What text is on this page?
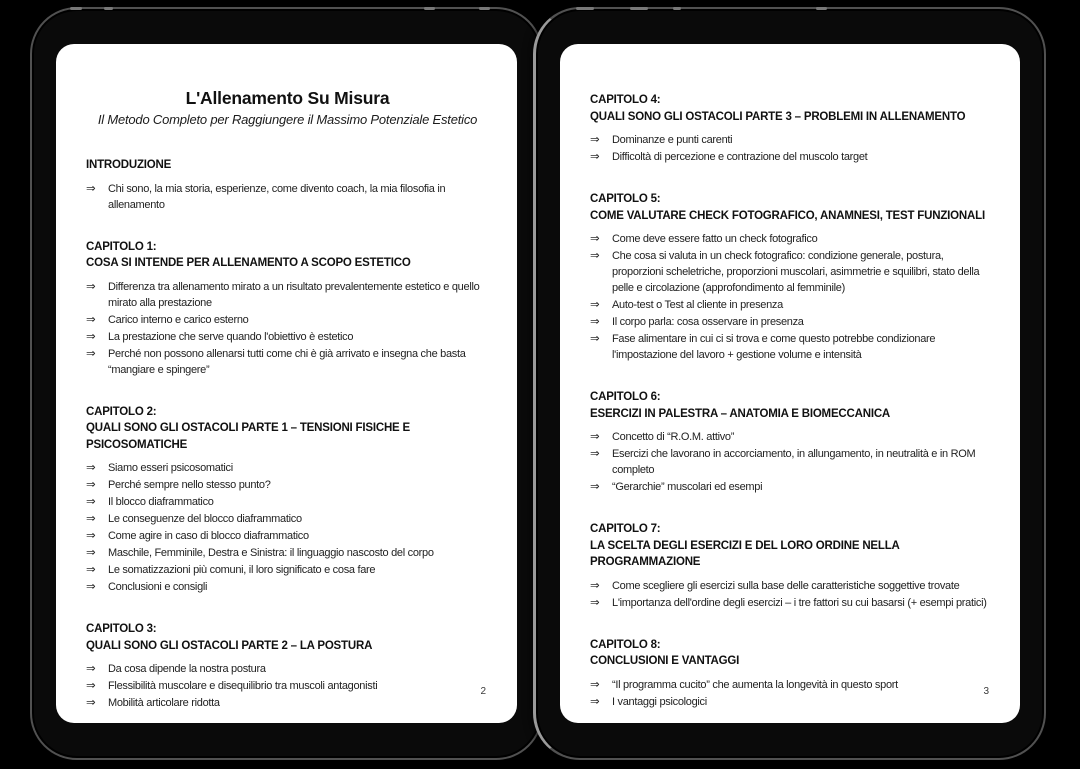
L'Allenamento Su Misura
Il Metodo Completo per Raggiungere il Massimo Potenziale Estetico
INTRODUZIONE
⇒	Chi sono, la mia storia, esperienze, come divento coach, la mia filosofia in allenamento
CAPITOLO 1:
COSA SI INTENDE PER ALLENAMENTO A SCOPO ESTETICO
⇒	Differenza tra allenamento mirato a un risultato prevalentemente estetico e quello mirato alla prestazione
⇒	Carico interno e carico esterno
⇒	La prestazione che serve quando l'obiettivo è estetico
⇒	Perché non possono allenarsi tutti come chi è già arrivato e insegna che basta “mangiare e spingere”
CAPITOLO 2:
QUALI SONO GLI OSTACOLI PARTE 1 – TENSIONI FISICHE E PSICOSOMATICHE
⇒	Siamo esseri psicosomatici
⇒	Perché sempre nello stesso punto?
⇒	Il blocco diaframmatico
⇒	Le conseguenze del blocco diaframmatico
⇒	Come agire in caso di blocco diaframmatico
⇒	Maschile, Femminile, Destra e Sinistra: il linguaggio nascosto del corpo
⇒	Le somatizzazioni più comuni, il loro significato e cosa fare
⇒	Conclusioni e consigli
CAPITOLO 3:
QUALI SONO GLI OSTACOLI PARTE 2 – LA POSTURA
⇒	Da cosa dipende la nostra postura
⇒	Flessibilità muscolare e disequilibrio tra muscoli antagonisti
⇒	Mobilità articolare ridotta
2
CAPITOLO 4:
QUALI SONO GLI OSTACOLI PARTE 3 – PROBLEMI IN ALLENAMENTO
⇒	Dominanze e punti carenti
⇒	Difficoltà di percezione e contrazione del muscolo target
CAPITOLO 5:
COME VALUTARE CHECK FOTOGRAFICO, ANAMNESI, TEST FUNZIONALI
⇒	Come deve essere fatto un check fotografico
⇒	Che cosa si valuta in un check fotografico: condizione generale, postura, proporzioni scheletriche, proporzioni muscolari, asimmetrie e squilibri, stato della pelle e circolazione (approfondimento al femminile)
⇒	Auto-test o Test al cliente in presenza
⇒	Il corpo parla: cosa osservare in presenza
⇒	Fase alimentare in cui ci si trova e come questo potrebbe condizionare l'impostazione del lavoro + gestione volume e intensità
CAPITOLO 6:
ESERCIZI IN PALESTRA – ANATOMIA E BIOMECCANICA
⇒	Concetto di “R.O.M. attivo”
⇒	Esercizi che lavorano in accorciamento, in allungamento, in neutralità e in ROM completo
⇒	“Gerarchie” muscolari ed esempi
CAPITOLO 7:
LA SCELTA DEGLI ESERCIZI E DEL LORO ORDINE NELLA PROGRAMMAZIONE
⇒	Come scegliere gli esercizi sulla base delle caratteristiche soggettive trovate
⇒	L'importanza dell'ordine degli esercizi – i tre fattori su cui basarsi (+ esempi pratici)
CAPITOLO 8:
CONCLUSIONI E VANTAGGI
⇒	“Il programma cucito” che aumenta la longevità in questo sport
⇒	I vantaggi psicologici
3
